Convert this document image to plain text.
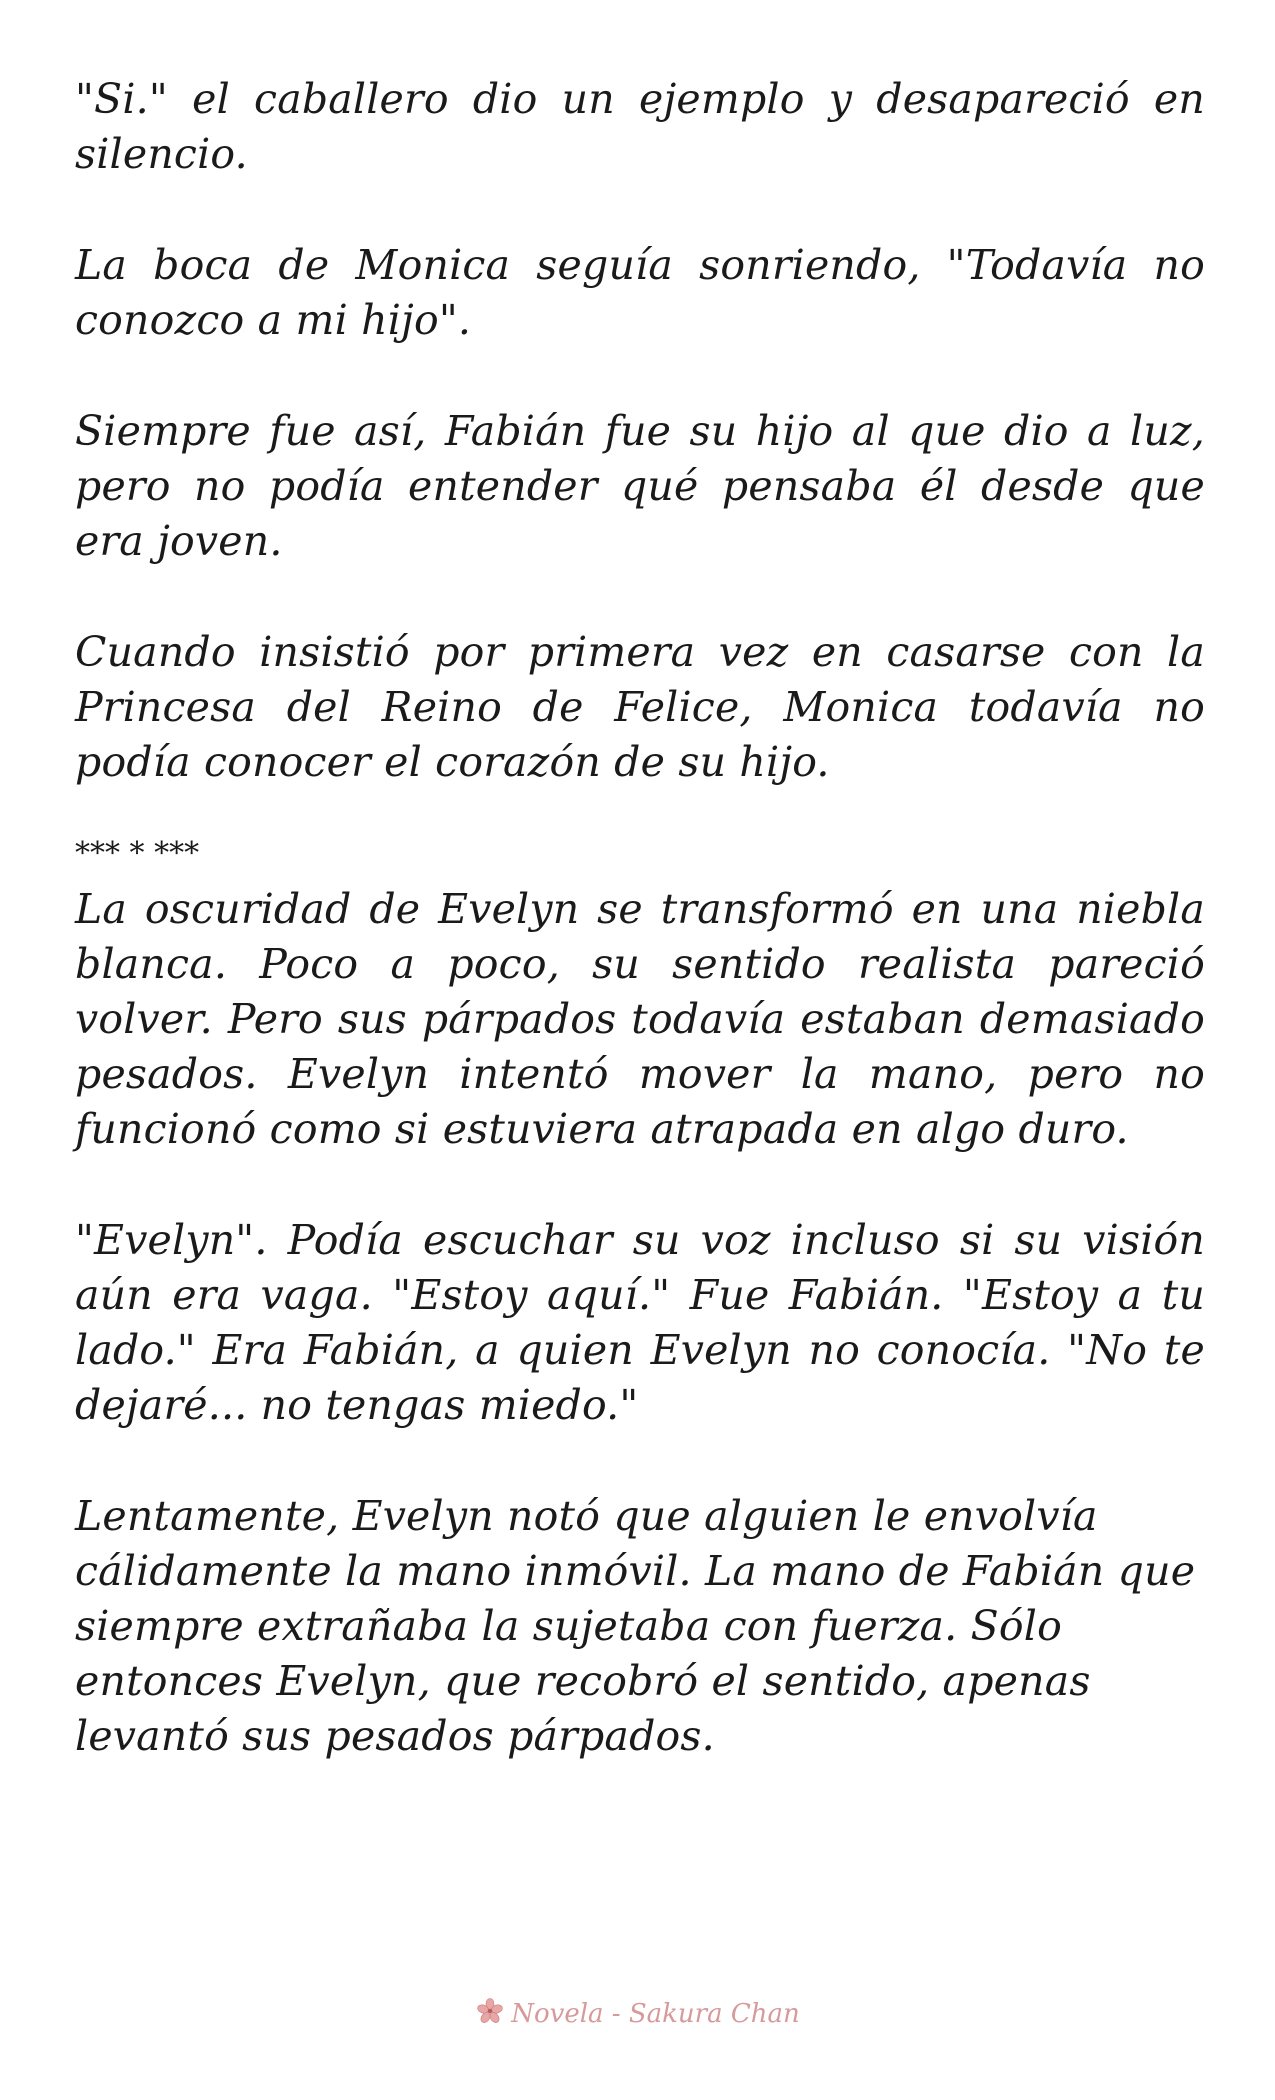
"Si." el caballero dio un ejemplo y desapareció en silencio.

La boca de Monica seguía sonriendo, "Todavía no conozco a mi hijo".

Siempre fue así, Fabián fue su hijo al que dio a luz, pero no podía entender qué pensaba él desde que era joven.

Cuando insistió por primera vez en casarse con la Princesa del Reino de Felice, Monica todavía no podía conocer el corazón de su hijo.

*** * ***

La oscuridad de Evelyn se transformó en una niebla blanca. Poco a poco, su sentido realista pareció volver. Pero sus párpados todavía estaban demasiado pesados. Evelyn intentó mover la mano, pero no funcionó como si estuviera atrapada en algo duro.

"Evelyn". Podía escuchar su voz incluso si su visión aún era vaga. "Estoy aquí." Fue Fabián. "Estoy a tu lado." Era Fabián, a quien Evelyn no conocía. "No te dejaré... no tengas miedo."

Lentamente, Evelyn notó que alguien le envolvía cálidamente la mano inmóvil. La mano de Fabián que siempre extrañaba la sujetaba con fuerza. Sólo entonces Evelyn, que recobró el sentido, apenas levantó sus pesados párpados.

Novela - Sakura Chan
